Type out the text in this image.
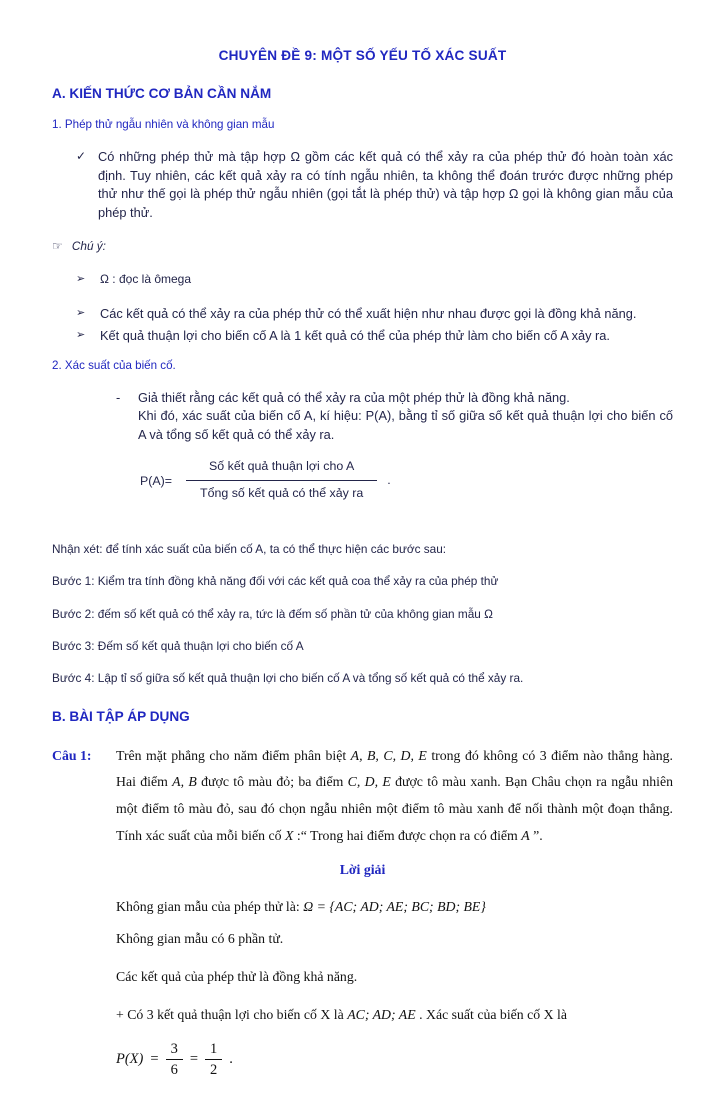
CHUYÊN ĐỀ 9: MỘT SỐ YẾU TỐ XÁC SUẤT
A. KIẾN THỨC CƠ BẢN CẦN NẮM
1. Phép thử ngẫu nhiên và không gian mẫu
✓ Có những phép thử mà tập hợp Ω gồm các kết quả có thể xảy ra của phép thử đó hoàn toàn xác định. Tuy nhiên, các kết quả xảy ra có tính ngẫu nhiên, ta không thể đoán trước được những phép thử như thế gọi là phép thử ngẫu nhiên (gọi tắt là phép thử) và tập hợp Ω gọi là không gian mẫu của phép thử.
☞ Chú ý:
➢	Ω : đọc là ômega
➢	Các kết quả có thể xảy ra của phép thử có thể xuất hiện như nhau được gọi là đồng khả năng.
➢	Kết quả thuận lợi cho biến cố A là 1 kết quả có thể của phép thử làm cho biến cố A xảy ra.
2. Xác suất của biến cố.
-	Giả thiết rằng các kết quả có thể xảy ra của một phép thử là đồng khả năng.
Khi đó, xác suất của biến cố A, kí hiệu: P(A), bằng tỉ số giữa số kết quả thuận lợi cho biến cố A và tổng số kết quả có thể xảy ra.
$P(A)= \frac{\text{Số kết quả thuận lợi cho A}}{\text{Tổng số kết quả có thể xảy ra}}$ .
Nhận xét: để tính xác suất của biến cố A, ta có thể thực hiện các bước sau:
Bước 1: Kiểm tra tính đồng khả năng đối với các kết quả coa thể xảy ra của phép thử
Bước 2: đếm số kết quả có thể xảy ra, tức là đếm số phần tử của không gian mẫu Ω
Bước 3: Đếm số kết quả thuận lợi cho biến cố A
Bước 4: Lập tỉ số giữa số kết quả thuận lợi cho biến cố A và tổng số kết quả có thể xảy ra.
B. BÀI TẬP ÁP DỤNG
Câu 1:	Trên mặt phẳng cho năm điểm phân biệt A, B, C, D, E trong đó không có 3 điểm nào thẳng hàng. Hai điểm A, B được tô màu đỏ; ba điểm C, D, E được tô màu xanh. Bạn Châu chọn ra ngẫu nhiên một điểm tô màu đỏ, sau đó chọn ngẫu nhiên một điểm tô màu xanh để nối thành một đoạn thẳng. Tính xác suất của mỗi biến cố X :“ Trong hai điểm được chọn ra có điểm A ”.
Lời giải
Không gian mẫu của phép thử là: Ω = {AC; AD; AE; BC; BD; BE}
Không gian mẫu có 6 phần tử.
Các kết quả của phép thử là đồng khả năng.
+ Có 3 kết quả thuận lợi cho biến cố X là AC; AD; AE . Xác suất của biến cố X là
$P(X) = \frac{3}{6} = \frac{1}{2}$ .
